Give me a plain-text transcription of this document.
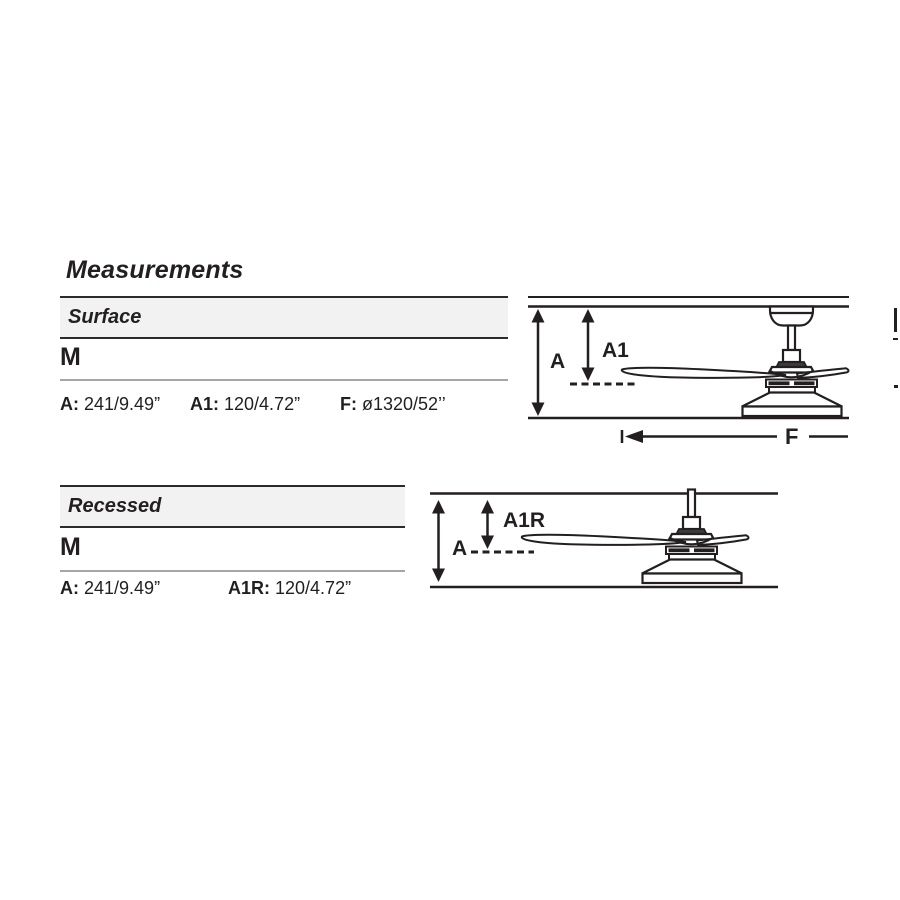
Measurements
Surface
M
A: 241/9.49” A1: 120/4.72” F: ø1320/52’’
A A1
F
Recessed
M
A: 241/9.49”	A1R: 120/4.72”
A
A1R
